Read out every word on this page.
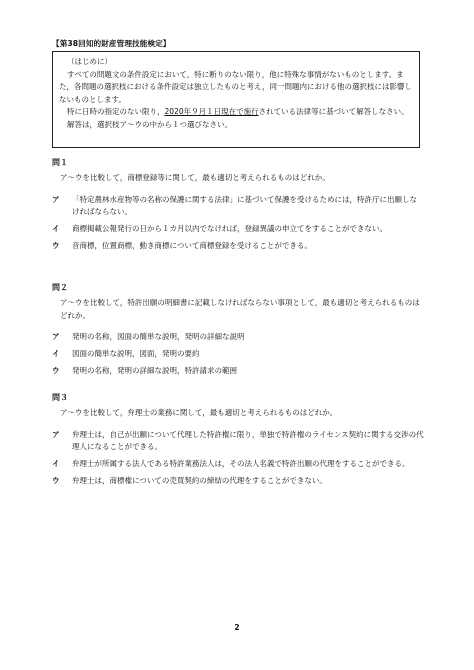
【第38回知的財産管理技能検定】

（はじめに）

すべての問題文の条件設定において，特に断りのない限り，他に特殊な事情がないものとします。また，各問題の選択枝における条件設定は独立したものと考え，同一問題内における他の選択枝には影響しないものとします。

特に日時の指定のない限り，2020年９月１日現在で施行されている法律等に基づいて解答しなさい。

解答は，選択枝ア～ウの中から１つ選びなさい。

問１

ア～ウを比較して，商標登録等に関して，最も適切と考えられるものはどれか。

ア 「特定農林水産物等の名称の保護に関する法律」に基づいて保護を受けるためには，特許庁に出願しなければならない。
イ 商標掲載公報発行の日から１カ月以内でなければ，登録異議の申立てをすることができない。
ウ 音商標，位置商標，動き商標について商標登録を受けることができる。

問２

ア～ウを比較して，特許出願の明細書に記載しなければならない事項として，最も適切と考えられるものはどれか。

ア 発明の名称，図面の簡単な説明，発明の詳細な説明
イ 図面の簡単な説明，図面，発明の要約
ウ 発明の名称，発明の詳細な説明，特許請求の範囲

問３

ア～ウを比較して，弁理士の業務に関して，最も適切と考えられるものはどれか。

ア 弁理士は，自己が出願について代理した特許権に限り，単独で特許権のライセンス契約に関する交渉の代理人になることができる。
イ 弁理士が所属する法人である特許業務法人は，その法人名義で特許出願の代理をすることができる。
ウ 弁理士は，商標権についての売買契約の締結の代理をすることができない。
2
